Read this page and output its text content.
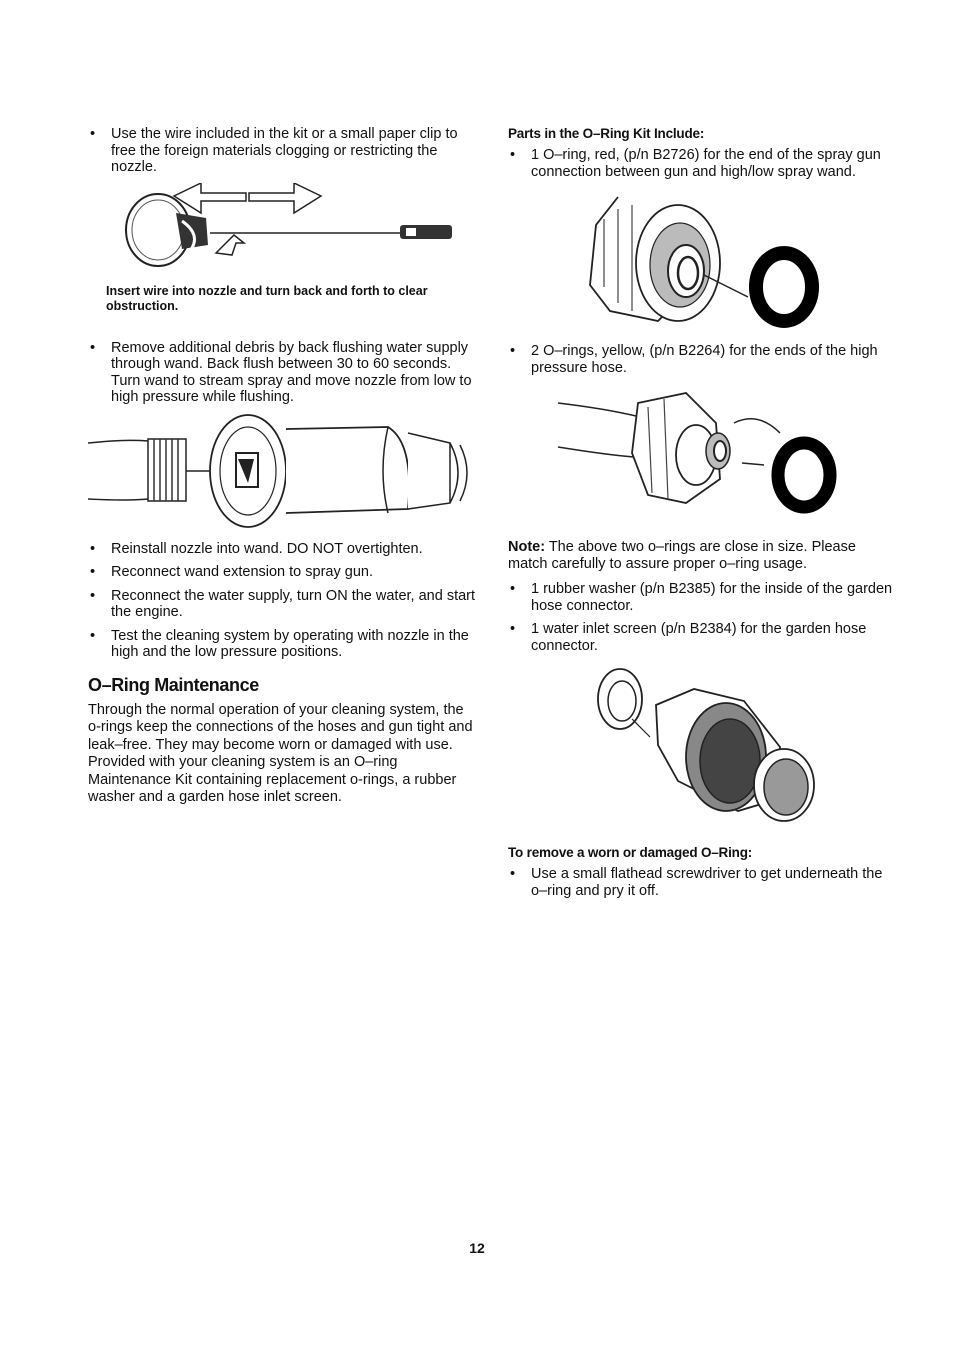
• Use the wire included in the kit or a small paper clip to free the foreign materials clogging or restricting the nozzle.

Insert wire into nozzle and turn back and forth to clear obstruction.

• Remove additional debris by back flushing water supply through wand. Back flush between 30 to 60 seconds. Turn wand to stream spray and move nozzle from low to high pressure while flushing.
• Reinstall nozzle into wand. DO NOT overtighten.
• Reconnect wand extension to spray gun.
• Reconnect the water supply, turn ON the water, and start the engine.
• Test the cleaning system by operating with nozzle in the high and the low pressure positions.
O–Ring Maintenance

Through the normal operation of your cleaning system, the o-rings keep the connections of the hoses and gun tight and leak–free. They may become worn or damaged with use. Provided with your cleaning system is an O–ring Maintenance Kit containing replacement o-rings, a rubber washer and a garden hose inlet screen.

Parts in the O–Ring Kit Include:

• 1 O–ring, red, (p/n B2726) for the end of the spray gun connection between gun and high/low spray wand.
• 2 O–rings, yellow, (p/n B2264) for the ends of the high pressure hose.

Note: The above two o–rings are close in size. Please match carefully to assure proper o–ring usage.

• 1 rubber washer (p/n B2385) for the inside of the garden hose connector.
• 1 water inlet screen (p/n B2384) for the garden hose connector.

To remove a worn or damaged O–Ring:

• Use a small flathead screwdriver to get underneath the o–ring and pry it off.
12
